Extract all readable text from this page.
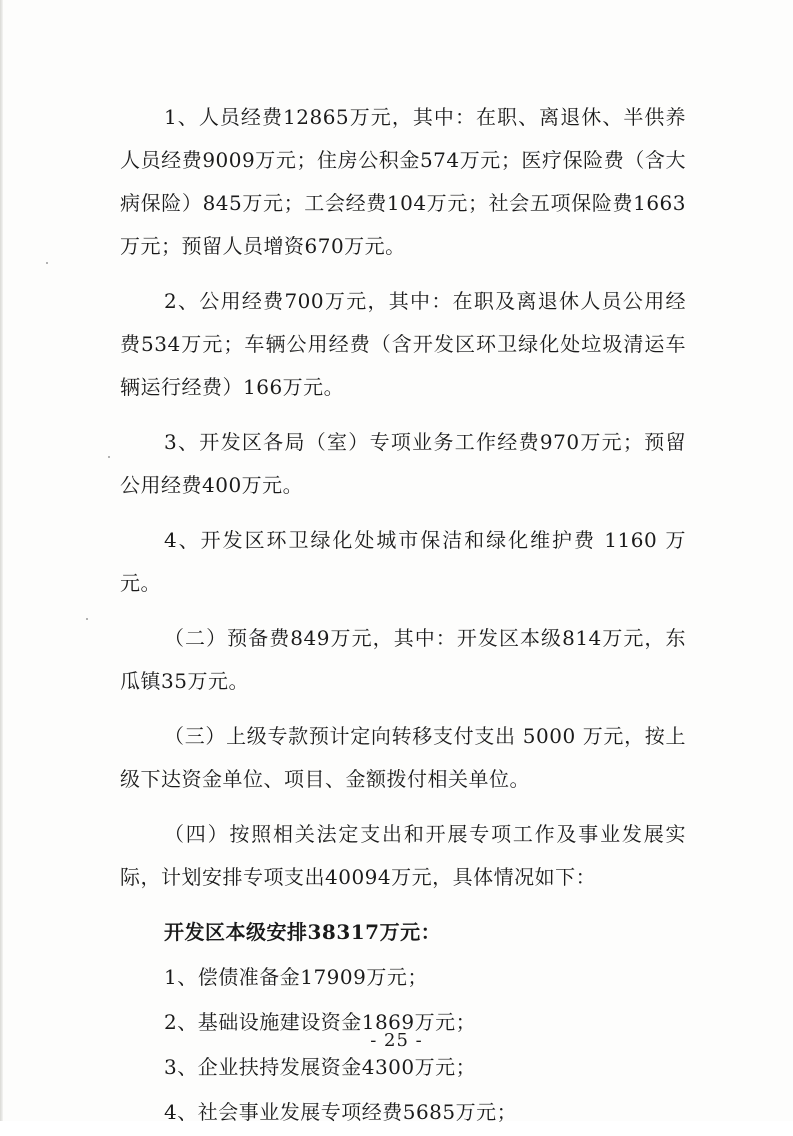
1、人员经费12865万元，其中：在职、离退休、半供养人员经费9009万元；住房公积金574万元；医疗保险费（含大病保险）845万元；工会经费104万元；社会五项保险费1663万元；预留人员增资670万元。

2、公用经费700万元，其中：在职及离退休人员公用经费534万元；车辆公用经费（含开发区环卫绿化处垃圾清运车辆运行经费）166万元。

3、开发区各局（室）专项业务工作经费970万元；预留公用经费400万元。

4、开发区环卫绿化处城市保洁和绿化维护费 1160 万元。

（二）预备费849万元，其中：开发区本级814万元，东瓜镇35万元。

（三）上级专款预计定向转移支付支出 5000 万元，按上级下达资金单位、项目、金额拨付相关单位。

（四）按照相关法定支出和开展专项工作及事业发展实际，计划安排专项支出40094万元，具体情况如下：

开发区本级安排38317万元：

1、偿债准备金17909万元；

2、基础设施建设资金1869万元；

3、企业扶持发展资金4300万元；

4、社会事业发展专项经费5685万元；

- 25 -
